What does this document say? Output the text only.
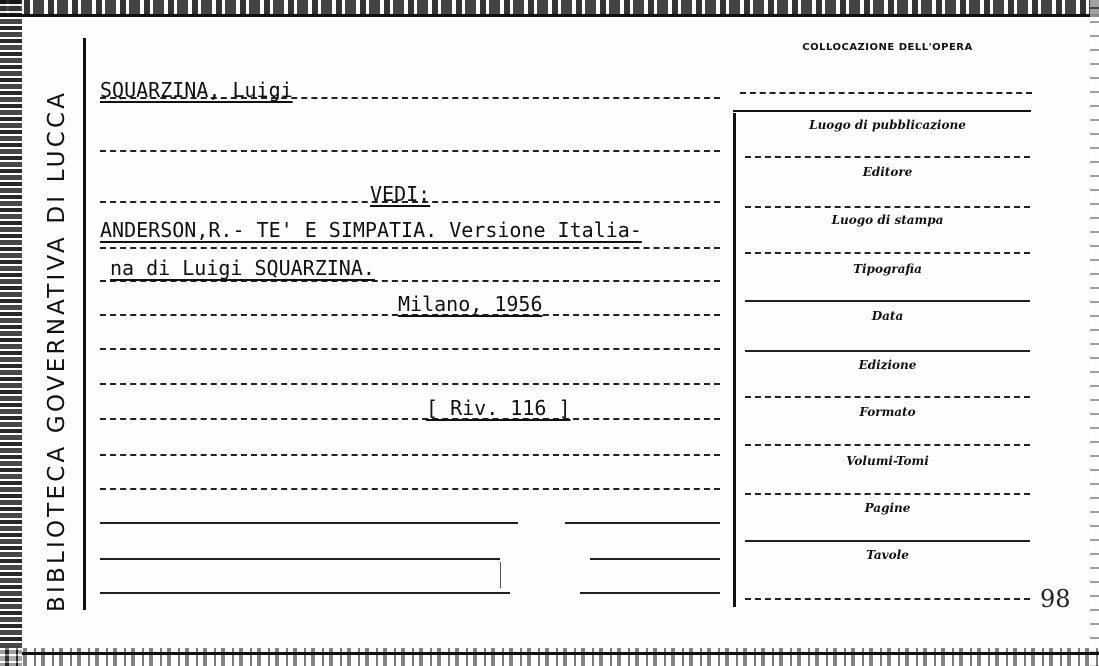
BIBLIOTECA GOVERNATIVA DI LUCCA	SQUARZINA, Luigi
VEDI:
ANDERSON,R.- TE' E SIMPATIA. Versione Italia-
na di Luigi SQUARZINA.
Milano, 1956
[ Riv. 116 ]
COLLOCAZIONE DELL'OPERA
Luogo di pubblicazione
Editore
Luogo di stampa
Tipografia
Data
Edizione
Formato
Volumi-Tomi
Pagine
Tavole
98
